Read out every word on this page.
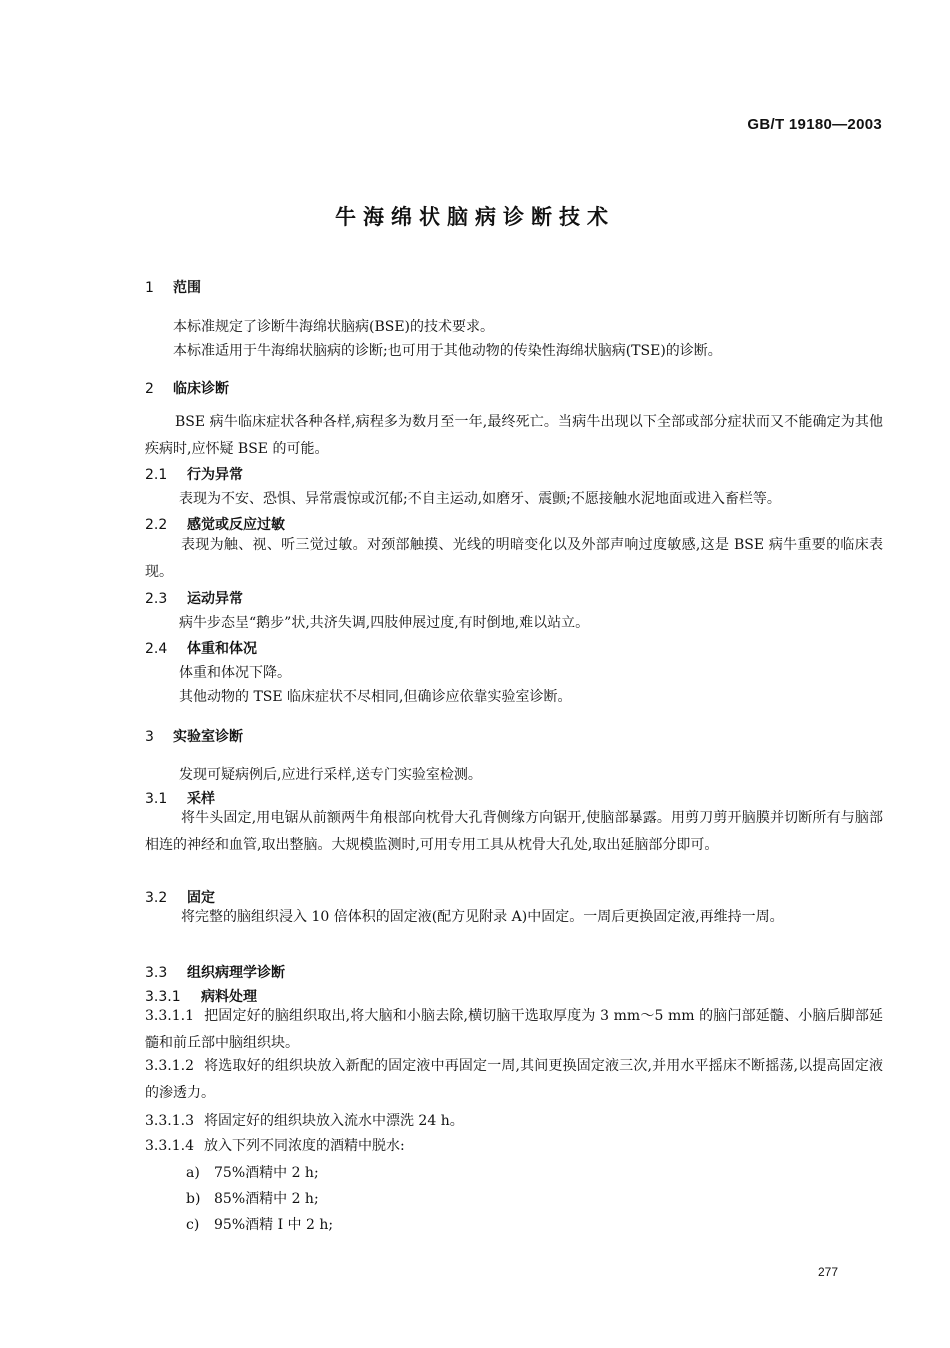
GB/T 19180—2003
牛海绵状脑病诊断技术
1 范围
本标准规定了诊断牛海绵状脑病(BSE)的技术要求。
本标准适用于牛海绵状脑病的诊断;也可用于其他动物的传染性海绵状脑病(TSE)的诊断。
2 临床诊断
BSE 病牛临床症状各种各样,病程多为数月至一年,最终死亡。当病牛出现以下全部或部分症状而又不能确定为其他疾病时,应怀疑 BSE 的可能。
2.1 行为异常
表现为不安、恐惧、异常震惊或沉郁;不自主运动,如磨牙、震颤;不愿接触水泥地面或进入畜栏等。
2.2 感觉或反应过敏
表现为触、视、听三觉过敏。对颈部触摸、光线的明暗变化以及外部声响过度敏感,这是 BSE 病牛重要的临床表现。
2.3 运动异常
病牛步态呈“鹅步”状,共济失调,四肢伸展过度,有时倒地,难以站立。
2.4 体重和体况
体重和体况下降。
其他动物的 TSE 临床症状不尽相同,但确诊应依靠实验室诊断。
3 实验室诊断
发现可疑病例后,应进行采样,送专门实验室检测。
3.1 采样
将牛头固定,用电锯从前额两牛角根部向枕骨大孔背侧缘方向锯开,使脑部暴露。用剪刀剪开脑膜并切断所有与脑部相连的神经和血管,取出整脑。大规模监测时,可用专用工具从枕骨大孔处,取出延脑部分即可。
3.2 固定
将完整的脑组织浸入 10 倍体积的固定液(配方见附录 A)中固定。一周后更换固定液,再维持一周。
3.3 组织病理学诊断
3.3.1 病料处理
3.3.1.1 把固定好的脑组织取出,将大脑和小脑去除,横切脑干选取厚度为 3 mm～5 mm 的脑闩部延髓、小脑后脚部延髓和前丘部中脑组织块。
3.3.1.2 将选取好的组织块放入新配的固定液中再固定一周,其间更换固定液三次,并用水平摇床不断摇荡,以提高固定液的渗透力。
3.3.1.3 将固定好的组织块放入流水中漂洗 24 h。
3.3.1.4 放入下列不同浓度的酒精中脱水:
a) 75%酒精中 2 h;
b) 85%酒精中 2 h;
c) 95%酒精 I 中 2 h;
277
